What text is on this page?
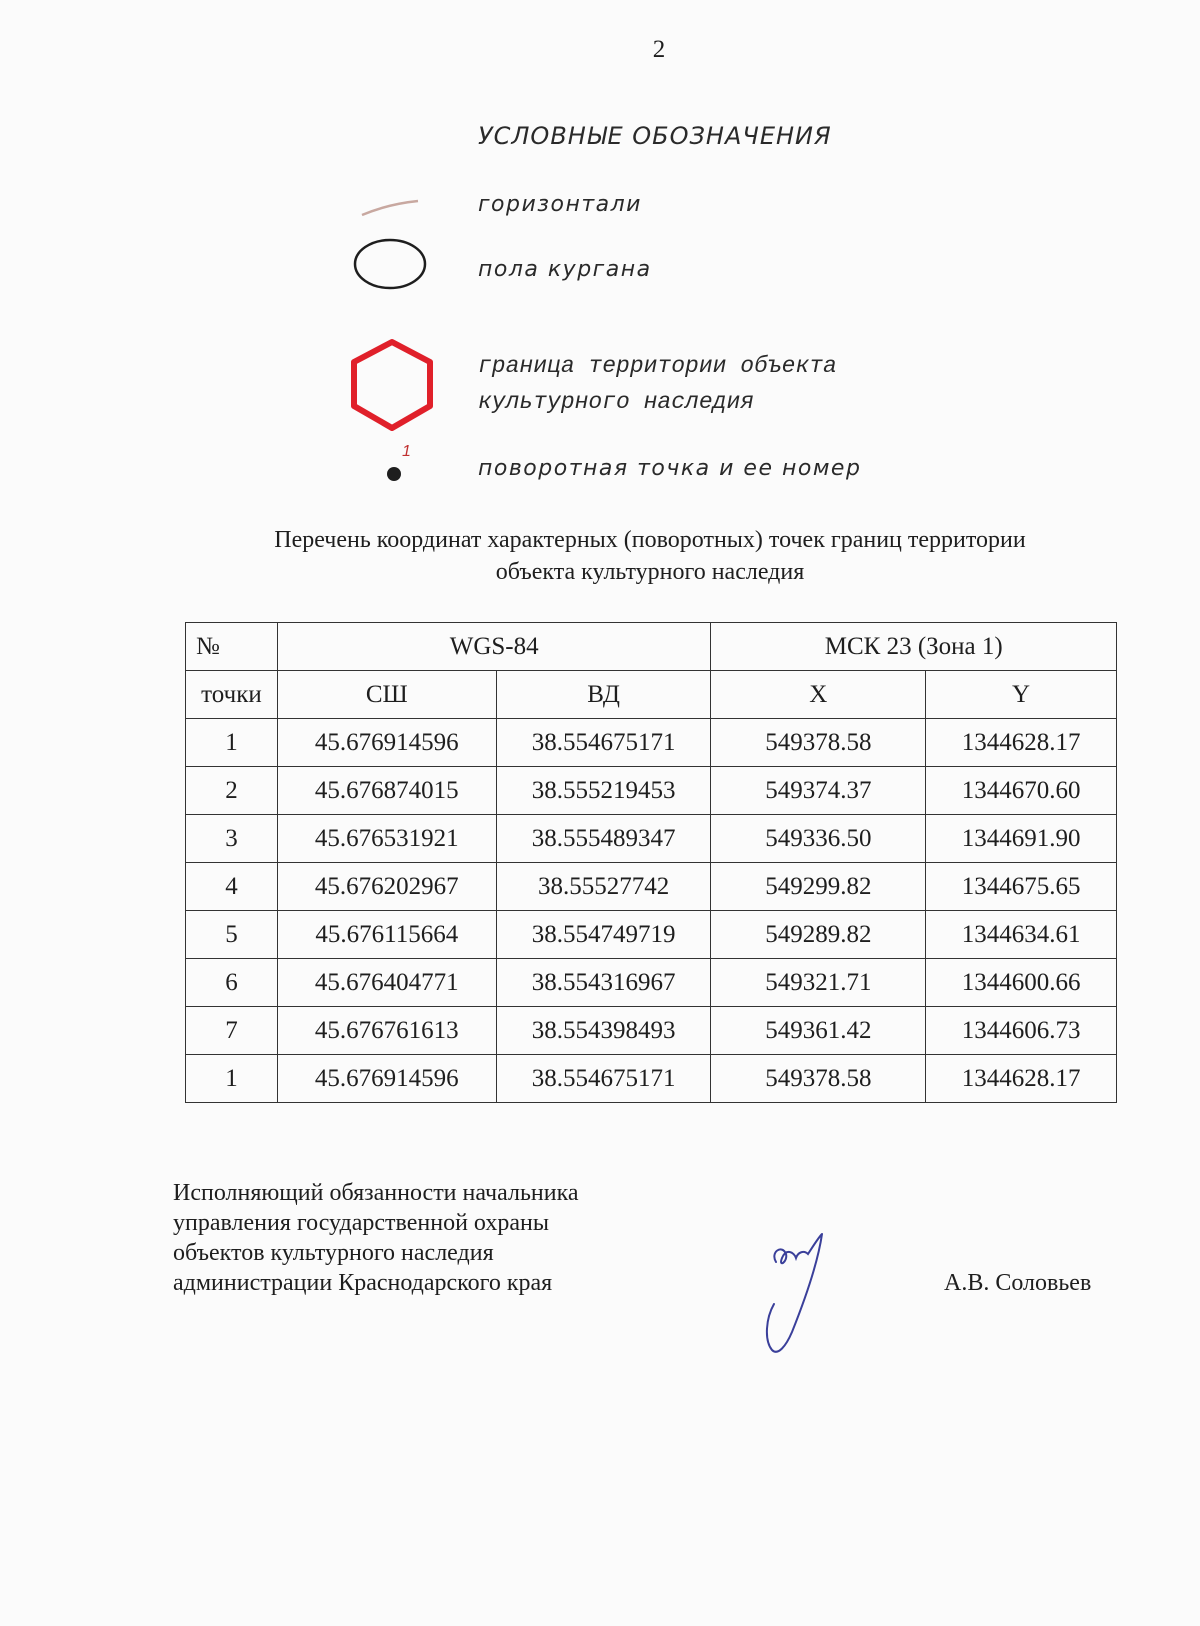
2
УСЛОВНЫЕ ОБОЗНАЧЕНИЯ
горизонтали
пола кургана
граница территории объекта
культурного наследия
1
поворотная точка и ее номер
Перечень координат характерных (поворотных) точек границ территории
объекта культурного наследия
№	WGS-84		МСК 23 (Зона 1)	
точки	СШ	ВД	X	Y
1	45.676914596	38.554675171	549378.58	1344628.17
2	45.676874015	38.555219453	549374.37	1344670.60
3	45.676531921	38.555489347	549336.50	1344691.90
4	45.676202967	38.55527742	549299.82	1344675.65
5	45.676115664	38.554749719	549289.82	1344634.61
6	45.676404771	38.554316967	549321.71	1344600.66
7	45.676761613	38.554398493	549361.42	1344606.73
1	45.676914596	38.554675171	549378.58	1344628.17
Исполняющий обязанности начальника
управления государственной охраны
объектов культурного наследия
администрации Краснодарского края	А.В. Соловьев
